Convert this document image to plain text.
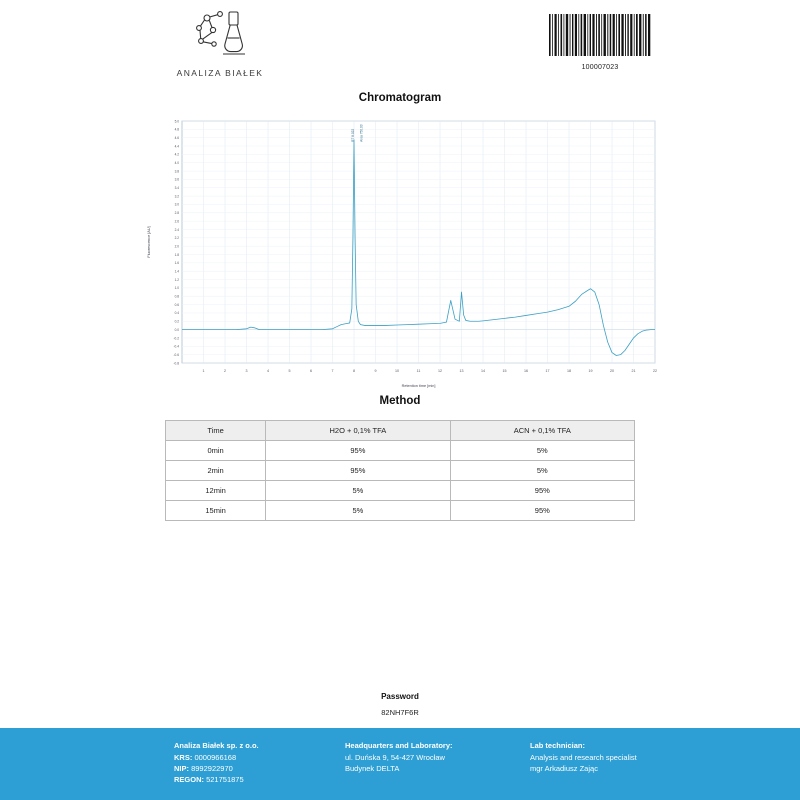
ANALIZA BIAŁEK
100007023
Chromatogram
1	2	3	4	5	6	7	8	9	10	11	12	13	14	15	16	17	18	19	20	21	22
-0.8
-0.6
-0.4
-0.2
0.0
0.2
0.4
0.6
0.8
1.0
1.2
1.4
1.6
1.8
2.0
2.2
2.4
2.6
2.8
3.0
3.2
3.4
3.6
3.8
4.0
4.2
4.4
4.6
4.8
5.0
RT 8.022 Area 750.03
Retention time [min]
Fluorescence [AU]
Method
Time	H2O + 0,1% TFA	ACN + 0,1% TFA
0min	95%	5%
2min	95%	5%
12min	5%	95%
15min	5%	95%
Password
82NH7F6R
Analiza Białek sp. z o.o.
KRS: 0000966168
NIP: 8992922970
REGON: 521751875
Headquarters and Laboratory:
ul. Duńska 9, 54-427 Wrocław
Budynek DELTA
Lab technician:
Analysis and research specialist
mgr Arkadiusz Zając
